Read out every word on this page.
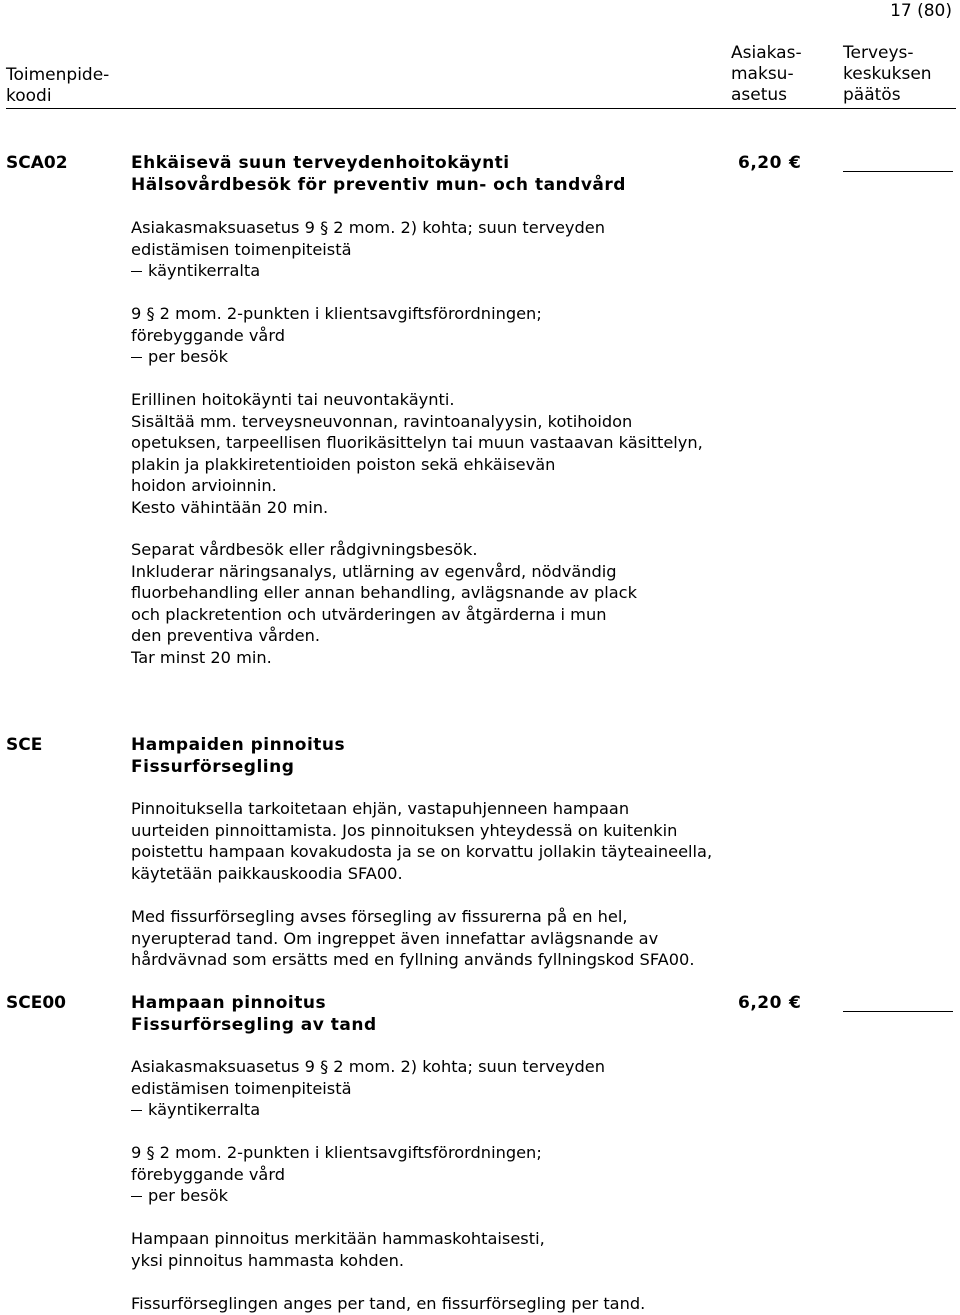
17 (80)
Toimenpide-
koodi
Asiakas-
maksu-
asetus
Terveys-
keskuksen
päätös
SCA02	Ehkäisevä suun terveydenhoitokäynti
Hälsovårdbesök för preventiv mun- och tandvård
6,20 €
Asiakasmaksuasetus 9 § 2 mom. 2) kohta; suun terveyden
edistämisen toimenpiteistä
käyntikerralta
9 § 2 mom. 2-punkten i klientsavgiftsförordningen;
förebyggande vård
per besök
Erillinen hoitokäynti tai neuvontakäynti.
Sisältää mm. terveysneuvonnan, ravintoanalyysin, kotihoidon
opetuksen, tarpeellisen fluorikäsittelyn tai muun vastaavan käsittelyn,
plakin ja plakkiretentioiden poiston sekä ehkäisevän
hoidon arvioinnin.
Kesto vähintään 20 min.
Separat vårdbesök eller rådgivningsbesök.
Inkluderar näringsanalys, utlärning av egenvård, nödvändig
fluorbehandling eller annan behandling, avlägsnande av plack
och plackretention och utvärderingen av åtgärderna i mun
den preventiva vården.
Tar minst 20 min.
SCE	Hampaiden pinnoitus
Fissurförsegling
Pinnoituksella tarkoitetaan ehjän, vastapuhjenneen hampaan
uurteiden pinnoittamista. Jos pinnoituksen yhteydessä on kuitenkin
poistettu hampaan kovakudosta ja se on korvattu jollakin täyteaineella,
käytetään paikkauskoodia SFA00.
Med fissurförsegling avses försegling av fissurerna på en hel,
nyerupterad tand. Om ingreppet även innefattar avlägsnande av
hårdvävnad som ersätts med en fyllning används fyllningskod SFA00.
SCE00	Hampaan pinnoitus
Fissurförsegling av tand
6,20 €
Asiakasmaksuasetus 9 § 2 mom. 2) kohta; suun terveyden
edistämisen toimenpiteistä
käyntikerralta
9 § 2 mom. 2-punkten i klientsavgiftsförordningen;
förebyggande vård
per besök
Hampaan pinnoitus merkitään hammaskohtaisesti,
yksi pinnoitus hammasta kohden.
Fissurförseglingen anges per tand, en fissurförsegling per tand.
